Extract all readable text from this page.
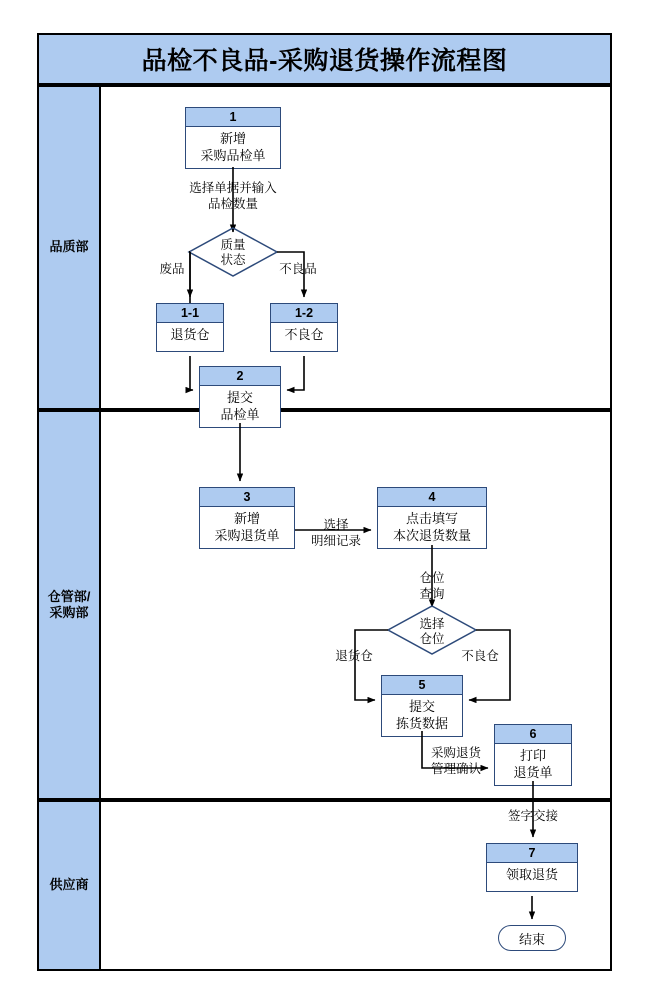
品检不良品-采购退货操作流程图
品质部
仓管部/
采购部
供应商
1
新增
采购品检单
选择单据并输入
品检数量
质量
状态
废品	不良品
1-1
退货仓
1-2
不良仓
2
提交
品检单
3
新增
采购退货单
选择
明细记录
4
点击填写
本次退货数量
仓位
查询
选择
仓位
退货仓	不良仓
5
提交
拣货数据
采购退货
管理确认
6
打印
退货单
签字交接
7
领取退货
结束
